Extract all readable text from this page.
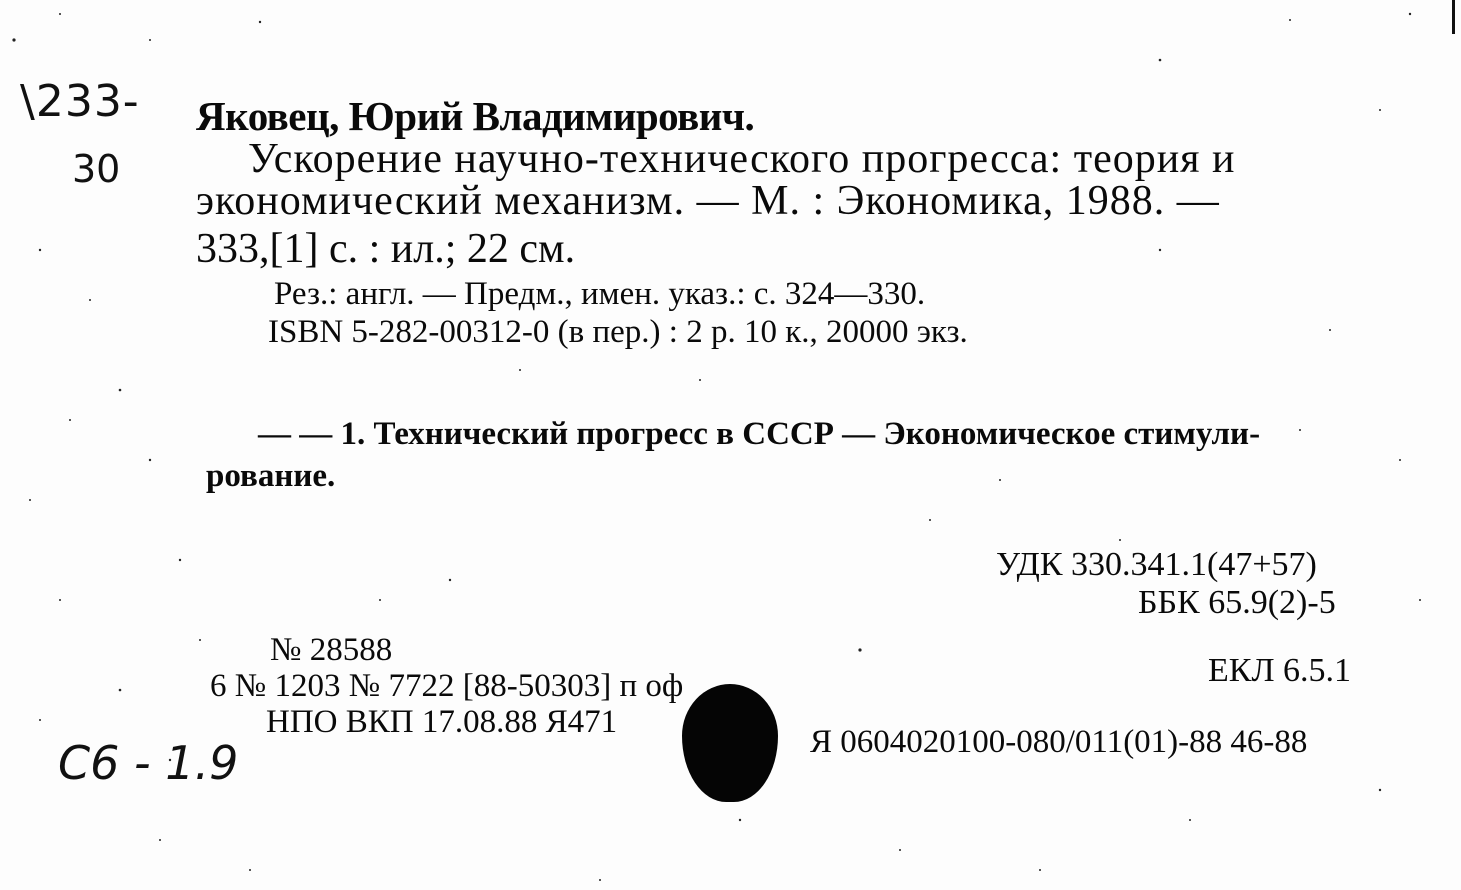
\233-
30
Яковец, Юрий Владимирович.
Ускорение научно-технического прогресса: теория и
экономический механизм. — М. : Экономика, 1988. —
333,[1] с. : ил.; 22 см.
Рез.: англ. — Предм., имен. указ.: с. 324—330.
ISBN 5-282-00312-0 (в пер.) : 2 р. 10 к., 20000 экз.
— — 1. Технический прогресс в СССР — Экономическое стимули-
рование.
УДК 330.341.1(47+57)
ББК 65.9(2)-5
ЕКЛ 6.5.1
№ 28588
6 № 1203 № 7722 [88-50303] п оф
НПО ВКП 17.08.88 Я471
Я 0604020100-080/011(01)-88 46-88
С6 - 1.9
